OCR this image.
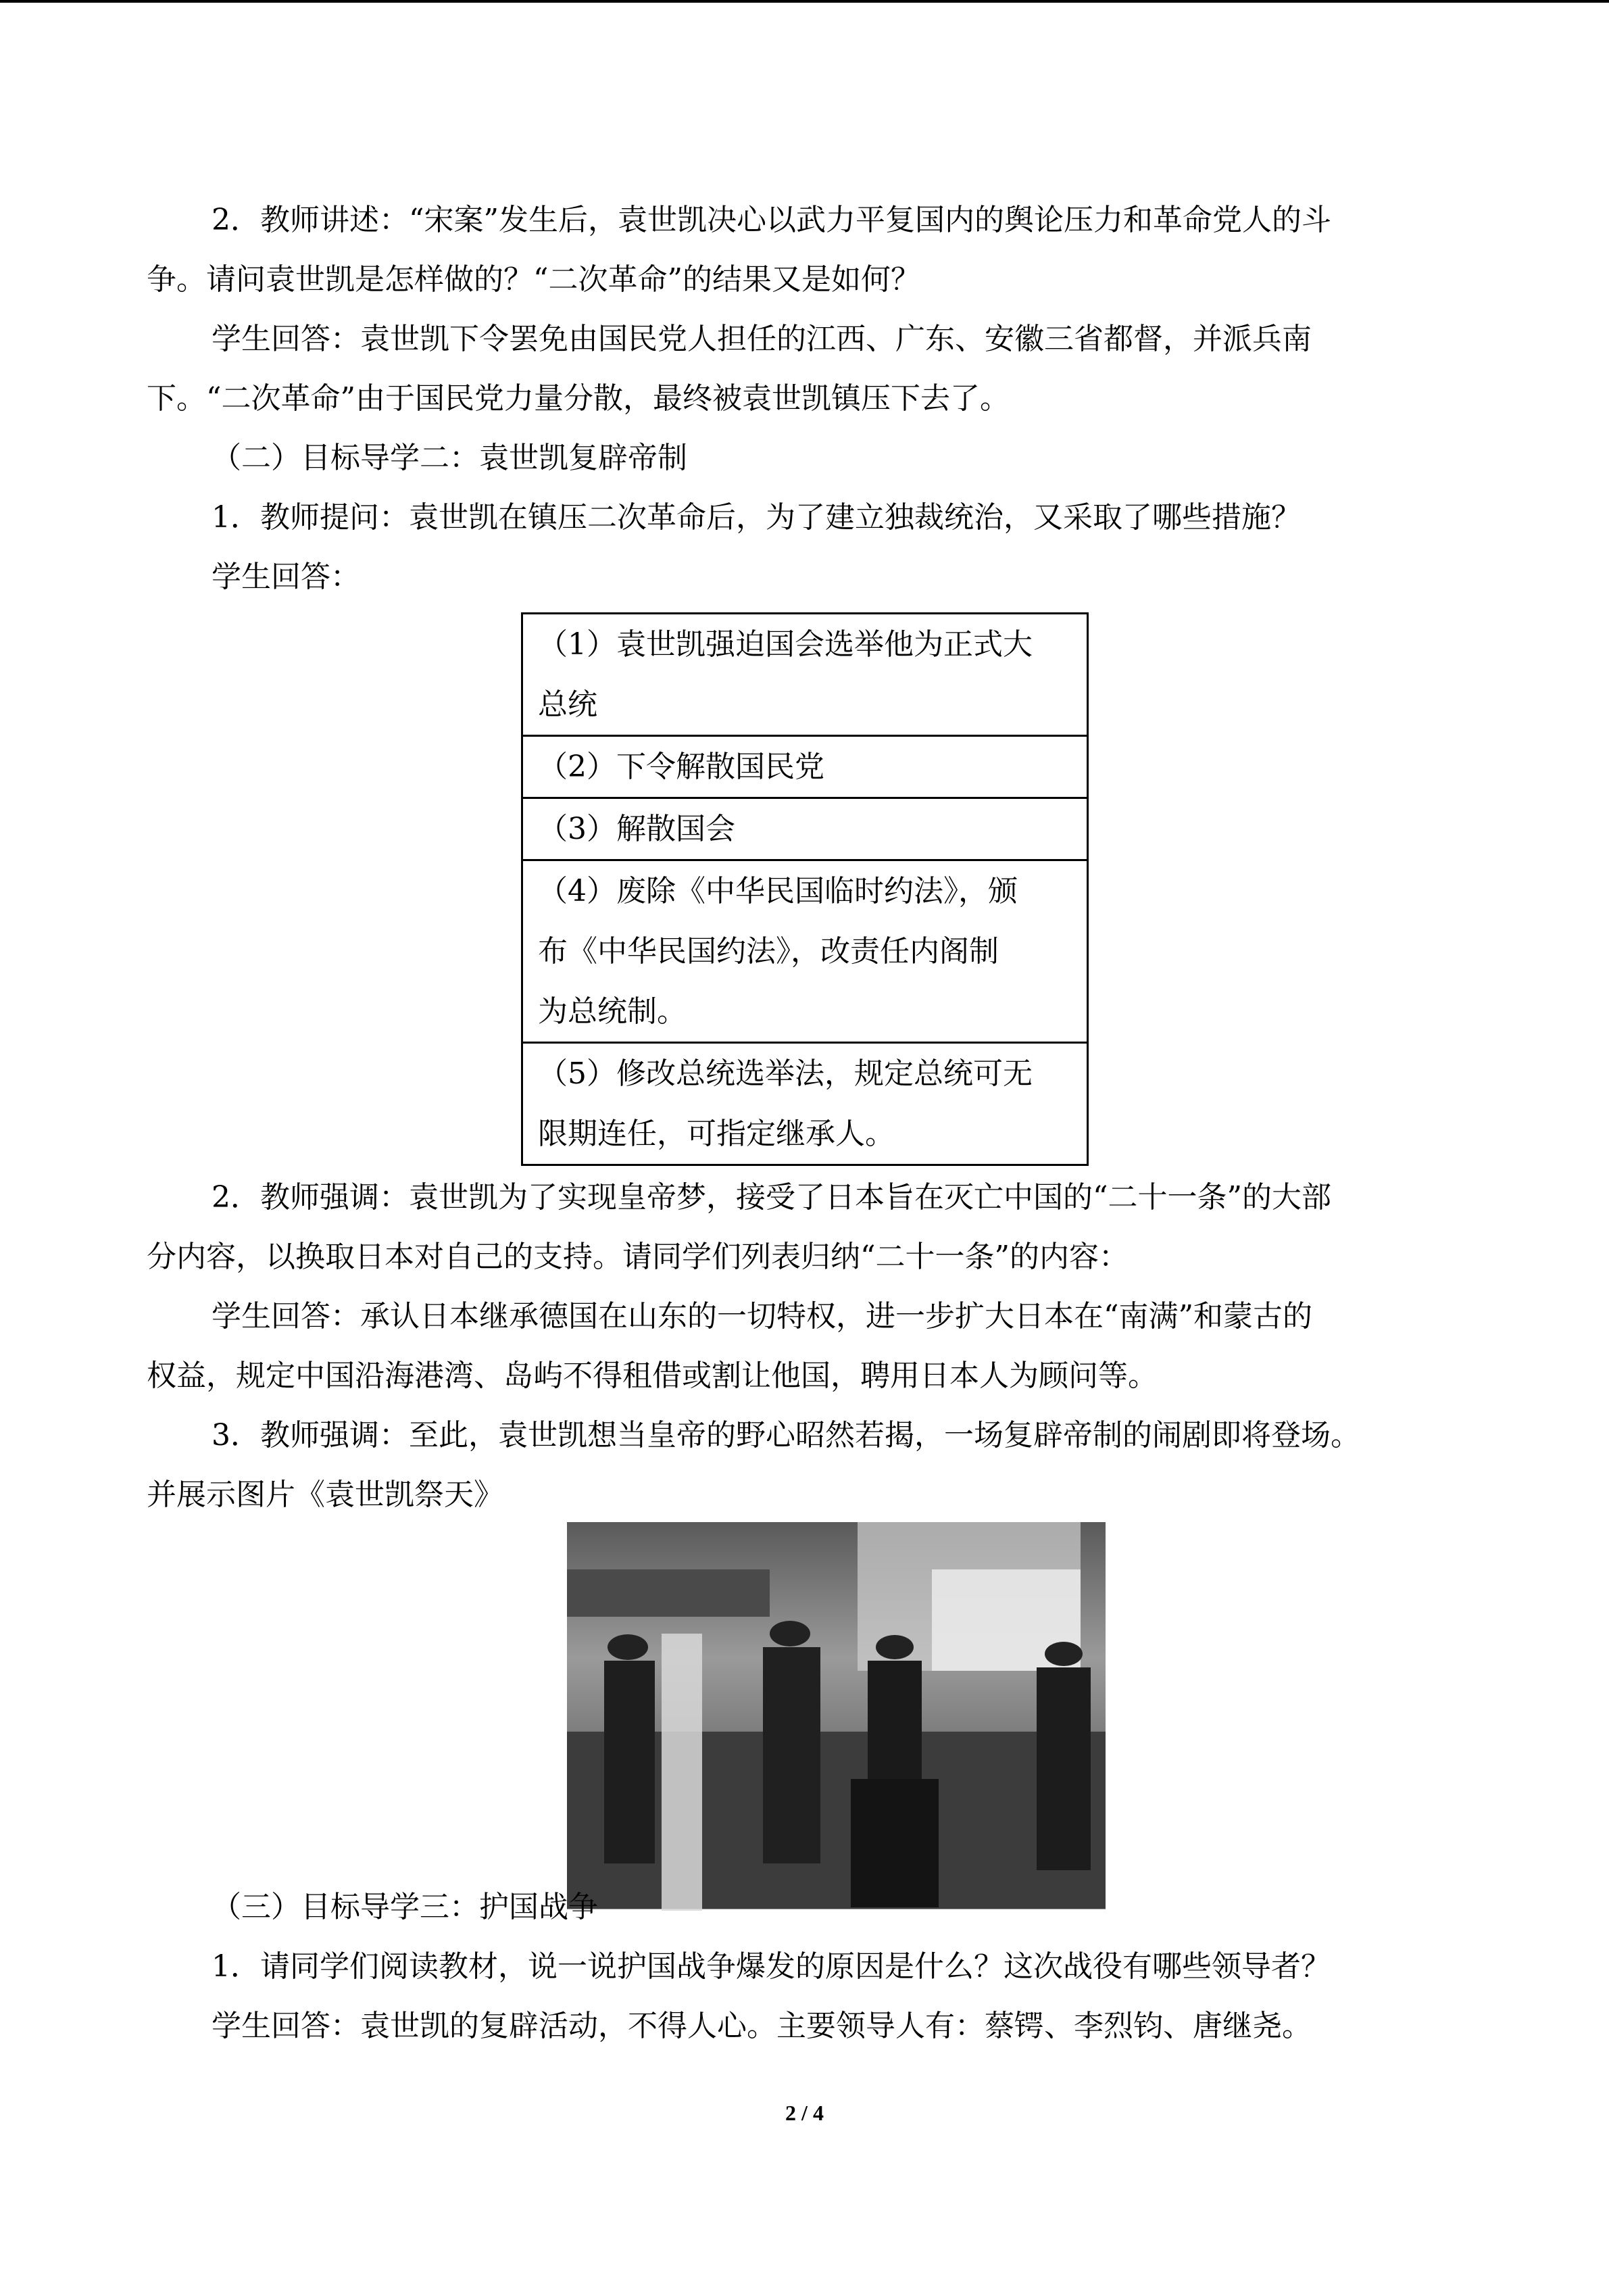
2．教师讲述：“宋案”发生后，袁世凯决心以武力平复国内的舆论压力和革命党人的斗
争。请问袁世凯是怎样做的？“二次革命”的结果又是如何？
学生回答：袁世凯下令罢免由国民党人担任的江西、广东、安徽三省都督，并派兵南
下。“二次革命”由于国民党力量分散，最终被袁世凯镇压下去了。
（二）目标导学二：袁世凯复辟帝制
1．教师提问：袁世凯在镇压二次革命后，为了建立独裁统治，又采取了哪些措施？
学生回答：
（1）袁世凯强迫国会选举他为正式大
总统

（2）下令解散国民党

（3）解散国会

（4）废除《中华民国临时约法》，颁
布《中华民国约法》，改责任内阁制
为总统制。

（5）修改总统选举法，规定总统可无
限期连任，可指定继承人。
2．教师强调：袁世凯为了实现皇帝梦，接受了日本旨在灭亡中国的“二十一条”的大部
分内容，以换取日本对自己的支持。请同学们列表归纳“二十一条”的内容：
学生回答：承认日本继承德国在山东的一切特权，进一步扩大日本在“南满”和蒙古的
权益，规定中国沿海港湾、岛屿不得租借或割让他国，聘用日本人为顾问等。
3．教师强调：至此，袁世凯想当皇帝的野心昭然若揭，一场复辟帝制的闹剧即将登场。
并展示图片《袁世凯祭天》
（三）目标导学三：护国战争
1．请同学们阅读教材，说一说护国战争爆发的原因是什么？这次战役有哪些领导者？
学生回答：袁世凯的复辟活动，不得人心。主要领导人有：蔡锷、李烈钧、唐继尧。
2 / 4
